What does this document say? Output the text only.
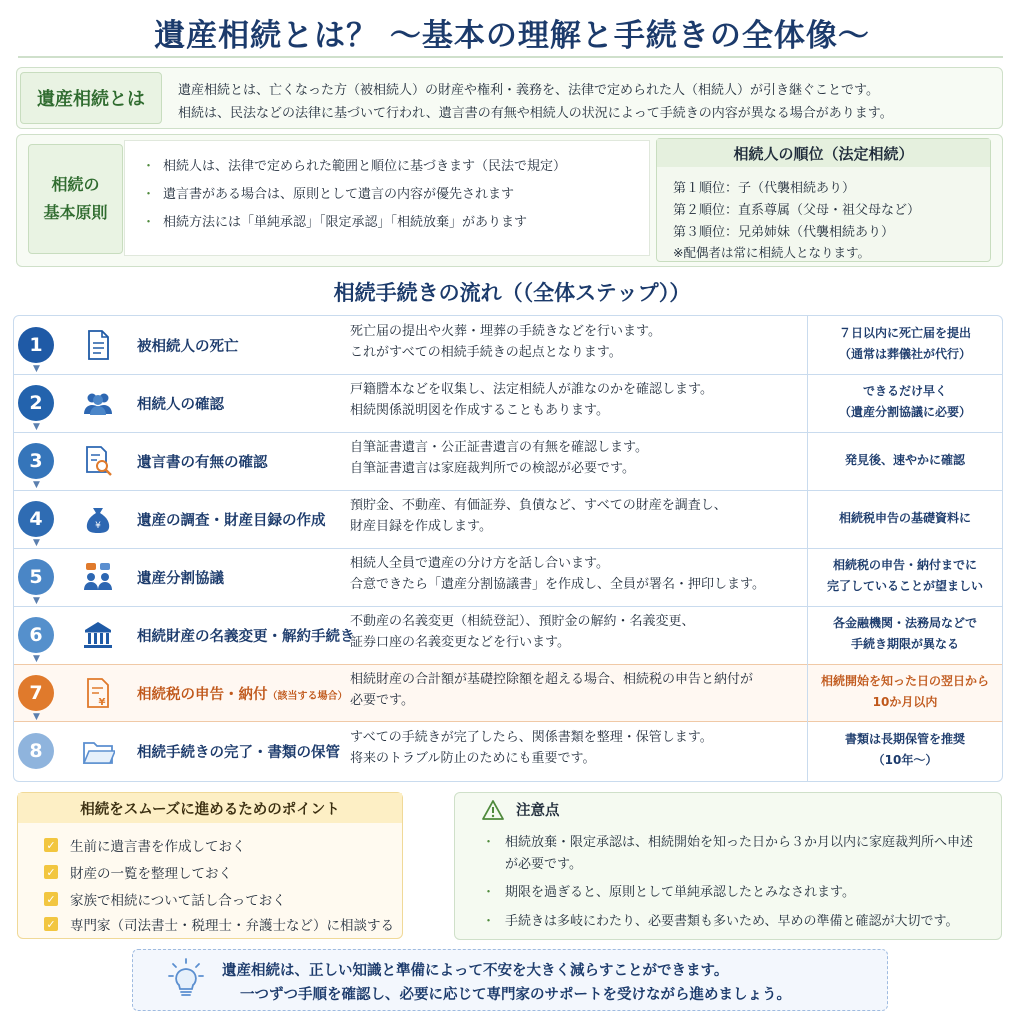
遺産相続とは？ ～基本の理解と手続きの全体像～
遺産相続とは	遺産相続とは、亡くなった方（被相続人）の財産や権利・義務を、法律で定められた人（相続人）が引き継ぐことです。
相続は、民法などの法律に基づいて行われ、遺言書の有無や相続人の状況によって手続きの内容が異なる場合があります。
相続の
基本原則
・ 相続人は、法律で定められた範囲と順位に基づきます（民法で規定）
・ 遺言書がある場合は、原則として遺言の内容が優先されます
・ 相続方法には「単純承認」「限定承認」「相続放棄」があります
相続人の順位（法定相続）
第１順位：子（代襲相続あり）
第２順位：直系尊属（父母・祖父母など）
第３順位：兄弟姉妹（代襲相続あり）
※配偶者は常に相続人となります。
相続手続きの流れ（（全体ステップ））
1
▼
被相続人の死亡
死亡届の提出や火葬・埋葬の手続きなどを行います。
これがすべての相続手続きの起点となります。
７日以内に死亡届を提出
（通常は葬儀社が代行）
2
▼
相続人の確認
戸籍謄本などを収集し、法定相続人が誰なのかを確認します。
相続関係説明図を作成することもあります。
できるだけ早く
（遺産分割協議に必要）
3
▼
遺言書の有無の確認
自筆証書遺言・公正証書遺言の有無を確認します。
自筆証書遺言は家庭裁判所での検認が必要です。
発見後、速やかに確認
4
▼
¥ 遺産の調査・財産目録の作成
預貯金、不動産、有価証券、負債など、すべての財産を調査し、
財産目録を作成します。
相続税申告の基礎資料に
5
▼
遺産分割協議
相続人全員で遺産の分け方を話し合います。
合意できたら「遺産分割協議書」を作成し、全員が署名・押印します。
相続税の申告・納付までに
完了していることが望ましい
6
▼
相続財産の名義変更・解約手続き
不動産の名義変更（相続登記）、預貯金の解約・名義変更、
証券口座の名義変更などを行います。
各金融機関・法務局などで
手続き期限が異なる
7
▼
¥ 相続税の申告・納付（該当する場合）
相続財産の合計額が基礎控除額を超える場合、相続税の申告と納付が
必要です。
相続開始を知った日の翌日から
10か月以内
8	相続手続きの完了・書類の保管
すべての手続きが完了したら、関係書類を整理・保管します。
将来のトラブル防止のためにも重要です。
書類は長期保管を推奨
（10年～）
相続をスムーズに進めるためのポイント
✓ 生前に遺言書を作成しておく
✓ 財産の一覧を整理しておく
✓ 家族で相続について話し合っておく
✓ 専門家（司法書士・税理士・弁護士など）に相談する
注意点
・ 相続放棄・限定承認は、相続開始を知った日から３か月以内に家庭裁判所へ申述が必要です。
・ 期限を過ぎると、原則として単純承認したとみなされます。
・ 手続きは多岐にわたり、必要書類も多いため、早めの準備と確認が大切です。
遺産相続は、正しい知識と準備によって不安を大きく減らすことができます。
一つずつ手順を確認し、必要に応じて専門家のサポートを受けながら進めましょう。
